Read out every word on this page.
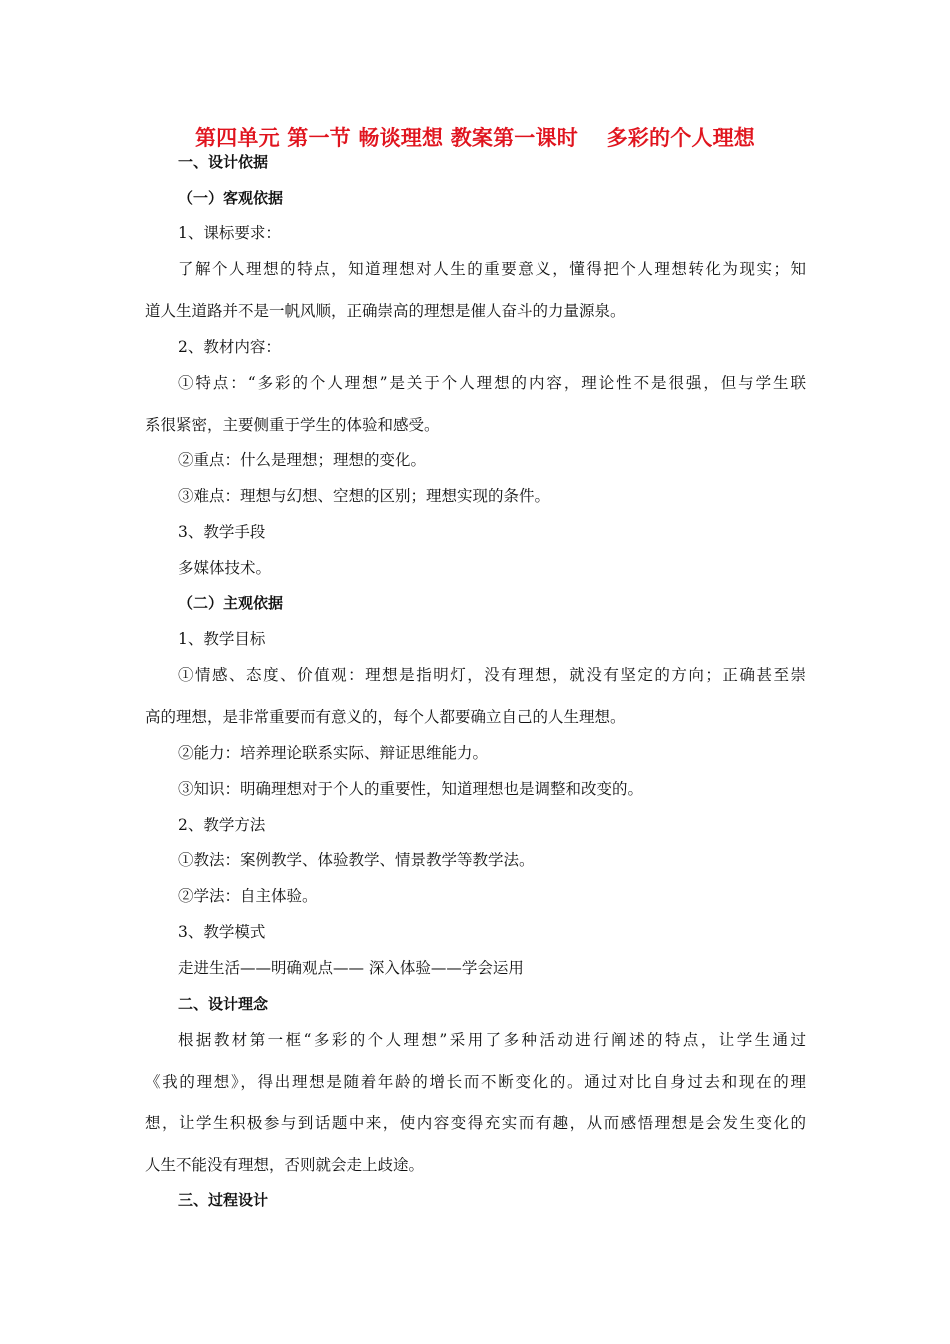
第四单元 第一节 畅谈理想 教案第一课时　 多彩的个人理想
一、设计依据
（一）客观依据
1、课标要求：
了解个人理想的特点，知道理想对人生的重要意义，懂得把个人理想转化为现实；知
道人生道路并不是一帆风顺，正确崇高的理想是催人奋斗的力量源泉。
2、教材内容：
①特点：“多彩的个人理想”是关于个人理想的内容，理论性不是很强，但与学生联
系很紧密，主要侧重于学生的体验和感受。
②重点：什么是理想；理想的变化。
③难点：理想与幻想、空想的区别；理想实现的条件。
3、教学手段
多媒体技术。
（二）主观依据
1、教学目标
①情感、态度、价值观：理想是指明灯，没有理想，就没有坚定的方向；正确甚至崇
高的理想，是非常重要而有意义的，每个人都要确立自己的人生理想。
②能力：培养理论联系实际、辩证思维能力。
③知识：明确理想对于个人的重要性，知道理想也是调整和改变的。
2、教学方法
①教法：案例教学、体验教学、情景教学等教学法。
②学法：自主体验。
3、教学模式
走进生活——明确观点—— 深入体验——学会运用
二、设计理念
根据教材第一框“多彩的个人理想”采用了多种活动进行阐述的特点，让学生通过
《我的理想》，得出理想是随着年龄的增长而不断变化的。通过对比自身过去和现在的理
想，让学生积极参与到话题中来，使内容变得充实而有趣，从而感悟理想是会发生变化的
人生不能没有理想，否则就会走上歧途。
三、过程设计
